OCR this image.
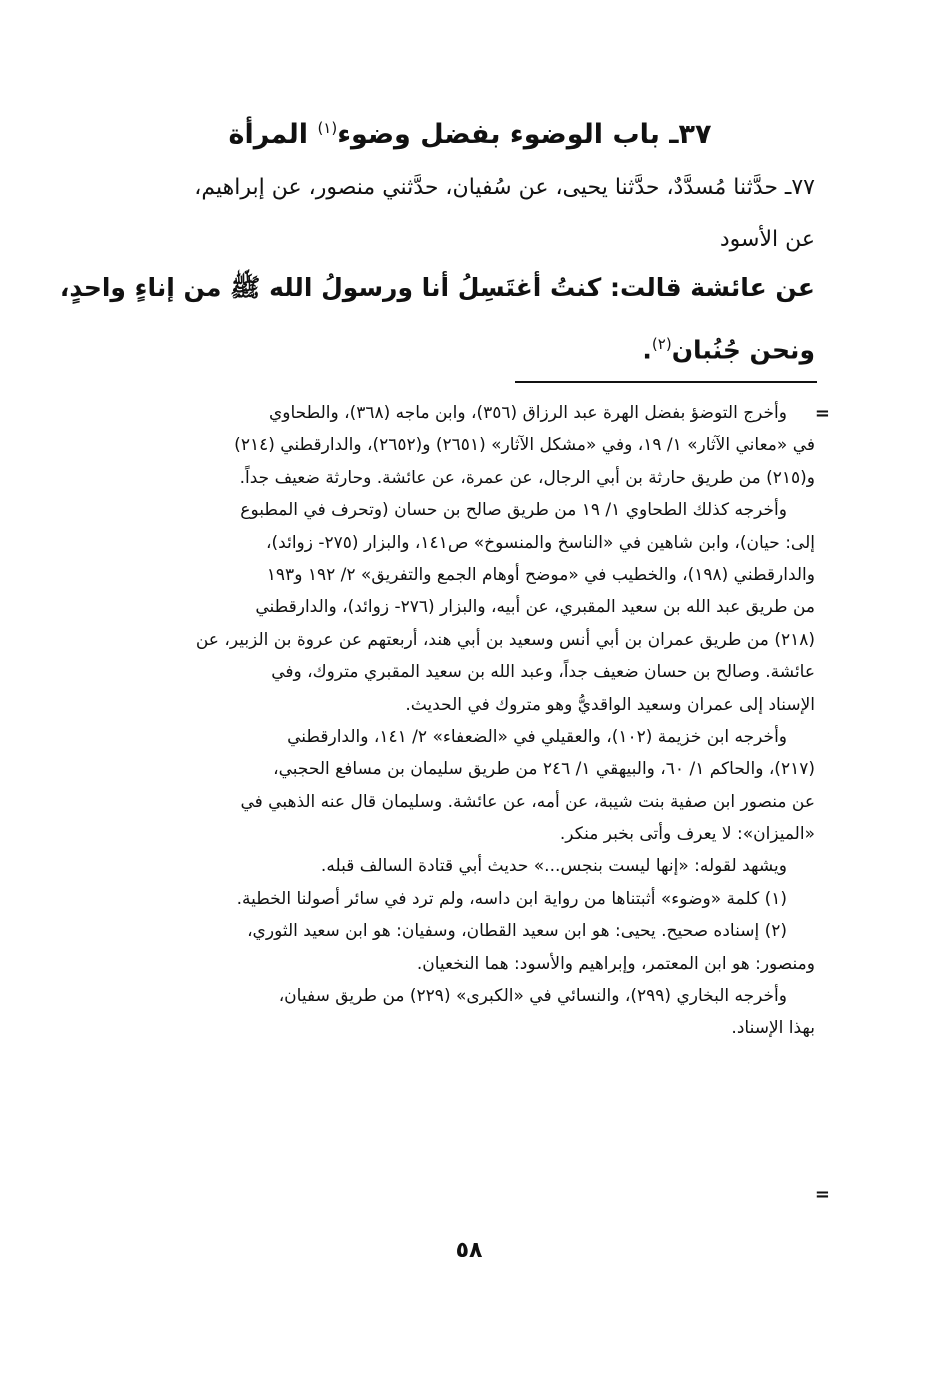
٣٧ـ باب الوضوء بفضل وضوء$^{(١)}$ المرأة
٧٧ـ حدَّثنا مُسدَّدٌ، حدَّثنا يحيى، عن سُفيان، حدَّثني منصور، عن إبراهيم،
عن الأسود
عن عائشة قالت: كنتُ أغتَسِلُ أنا ورسولُ الله ﷺ من إناءٍ واحدٍ،
ونحن جُنُبان$^{(٢)}$.
=
وأخرج التوضؤ بفضل الهرة عبد الرزاق (٣٥٦)، وابن ماجه (٣٦٨)، والطحاوي
في «معاني الآثار» ١/ ١٩، وفي «مشكل الآثار» (٢٦٥١) و(٢٦٥٢)، والدارقطني (٢١٤)
و(٢١٥) من طريق حارثة بن أبي الرجال، عن عمرة، عن عائشة. وحارثة ضعيف جداً.
وأخرجه كذلك الطحاوي ١/ ١٩ من طريق صالح بن حسان (وتحرف في المطبوع
إلى: حيان)، وابن شاهين في «الناسخ والمنسوخ» ص١٤١، والبزار (٢٧٥- زوائد)،
والدارقطني (١٩٨)، والخطيب في «موضح أوهام الجمع والتفريق» ٢/ ١٩٢ و١٩٣
من طريق عبد الله بن سعيد المقبري، عن أبيه، والبزار (٢٧٦- زوائد)، والدارقطني
(٢١٨) من طريق عمران بن أبي أنس وسعيد بن أبي هند، أربعتهم عن عروة بن الزبير، عن
عائشة. وصالح بن حسان ضعيف جداً، وعبد الله بن سعيد المقبري متروك، وفي
الإسناد إلى عمران وسعيد الواقديُّ وهو متروك في الحديث.
وأخرجه ابن خزيمة (١٠٢)، والعقيلي في «الضعفاء» ٢/ ١٤١، والدارقطني
(٢١٧)، والحاكم ١/ ٦٠، والبيهقي ١/ ٢٤٦ من طريق سليمان بن مسافع الحجبي،
عن منصور ابن صفية بنت شيبة، عن أمه، عن عائشة. وسليمان قال عنه الذهبي في
«الميزان»: لا يعرف وأتى بخبر منكر.
ويشهد لقوله: «إنها ليست بنجس...» حديث أبي قتادة السالف قبله.
(١) كلمة «وضوء» أثبتناها من رواية ابن داسه، ولم ترد في سائر أصولنا الخطية.
(٢) إسناده صحيح. يحيى: هو ابن سعيد القطان، وسفيان: هو ابن سعيد الثوري،
ومنصور: هو ابن المعتمر، وإبراهيم والأسود: هما النخعيان.
وأخرجه البخاري (٢٩٩)، والنسائي في «الكبرى» (٢٢٩) من طريق سفيان،
بهذا الإسناد.
=
٥٨
